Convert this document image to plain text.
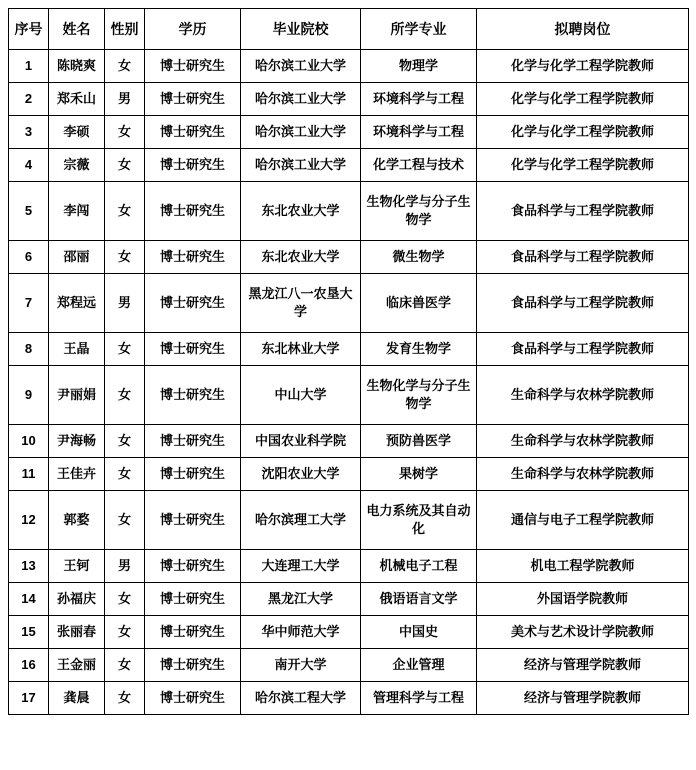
序号	姓名	性别	学历	毕业院校	所学专业	拟聘岗位
1	陈晓爽	女	博士研究生	哈尔滨工业大学	物理学	化学与化学工程学院教师
2	郑禾山	男	博士研究生	哈尔滨工业大学	环境科学与工程	化学与化学工程学院教师
3	李硕	女	博士研究生	哈尔滨工业大学	环境科学与工程	化学与化学工程学院教师
4	宗薇	女	博士研究生	哈尔滨工业大学	化学工程与技术	化学与化学工程学院教师
5	李闯	女	博士研究生	东北农业大学	生物化学与分子生物学	食品科学与工程学院教师
6	邵丽	女	博士研究生	东北农业大学	微生物学	食品科学与工程学院教师
7	郑程远	男	博士研究生	黑龙江八一农垦大学	临床兽医学	食品科学与工程学院教师
8	王晶	女	博士研究生	东北林业大学	发育生物学	食品科学与工程学院教师
9	尹丽娟	女	博士研究生	中山大学	生物化学与分子生物学	生命科学与农林学院教师
10	尹海畅	女	博士研究生	中国农业科学院	预防兽医学	生命科学与农林学院教师
11	王佳卉	女	博士研究生	沈阳农业大学	果树学	生命科学与农林学院教师
12	郭婺	女	博士研究生	哈尔滨理工大学	电力系统及其自动化	通信与电子工程学院教师
13	王钶	男	博士研究生	大连理工大学	机械电子工程	机电工程学院教师
14	孙福庆	女	博士研究生	黑龙江大学	俄语语言文学	外国语学院教师
15	张丽春	女	博士研究生	华中师范大学	中国史	美术与艺术设计学院教师
16	王金丽	女	博士研究生	南开大学	企业管理	经济与管理学院教师
17	龚晨	女	博士研究生	哈尔滨工程大学	管理科学与工程	经济与管理学院教师
